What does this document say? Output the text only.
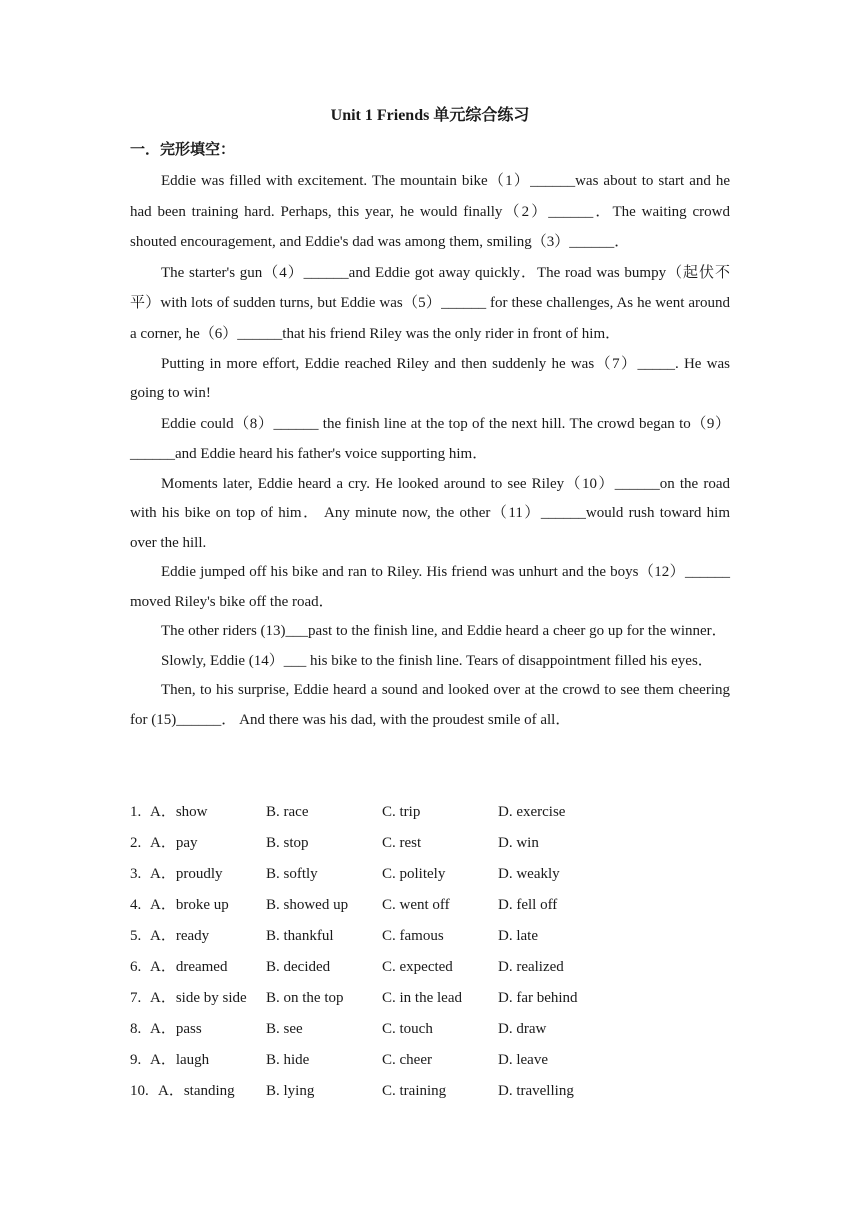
Unit 1 Friends 单元综合练习
一．完形填空：

Eddie was filled with excitement. The mountain bike（1）______was about to start and he had been training hard. Perhaps, this year, he would finally（2）______．The waiting crowd shouted encouragement, and Eddie's dad was among them, smiling（3）______．

The starter's gun（4）______and Eddie got away quickly．The road was bumpy（起伏不平）with lots of sudden turns, but Eddie was（5）______ for these challenges, As he went around a corner, he（6）______that his friend Riley was the only rider in front of him．

Putting in more effort, Eddie reached Riley and then suddenly he was（7）_____. He was going to win!

Eddie could（8）______ the finish line at the top of the next hill. The crowd began to（9）______and Eddie heard his father's voice supporting him．

Moments later, Eddie heard a cry. He looked around to see Riley（10）______on the road with his bike on top of him． Any minute now, the other（11）______would rush toward him over the hill.

Eddie jumped off his bike and ran to Riley. His friend was unhurt and the boys（12）______ moved Riley's bike off the road．

The other riders (13)___past to the finish line, and Eddie heard a cheer go up for the winner．

Slowly, Eddie (14）___ his bike to the finish line. Tears of disappointment filled his eyes．

Then, to his surprise, Eddie heard a sound and looked over at the crowd to see them cheering for (15)______． And there was his dad, with the proudest smile of all．

1. A．show	B. race	C. trip	D. exercise
2. A．pay	B. stop	C. rest	D. win
3. A．proudly	B. softly	C. politely	D. weakly
4. A．broke up B. showed up C. went off	D. fell off
5. A．ready	B. thankful	C. famous	D. late
6. A．dreamed	B. decided	C. expected	D. realized
7. A．side by side B. on the top	C. in the lead D. far behind
8. A．pass	B. see	C. touch	D. draw
9. A．laugh	B. hide	C. cheer	D. leave
10. A．standing B. lying	C. training	D. travelling
